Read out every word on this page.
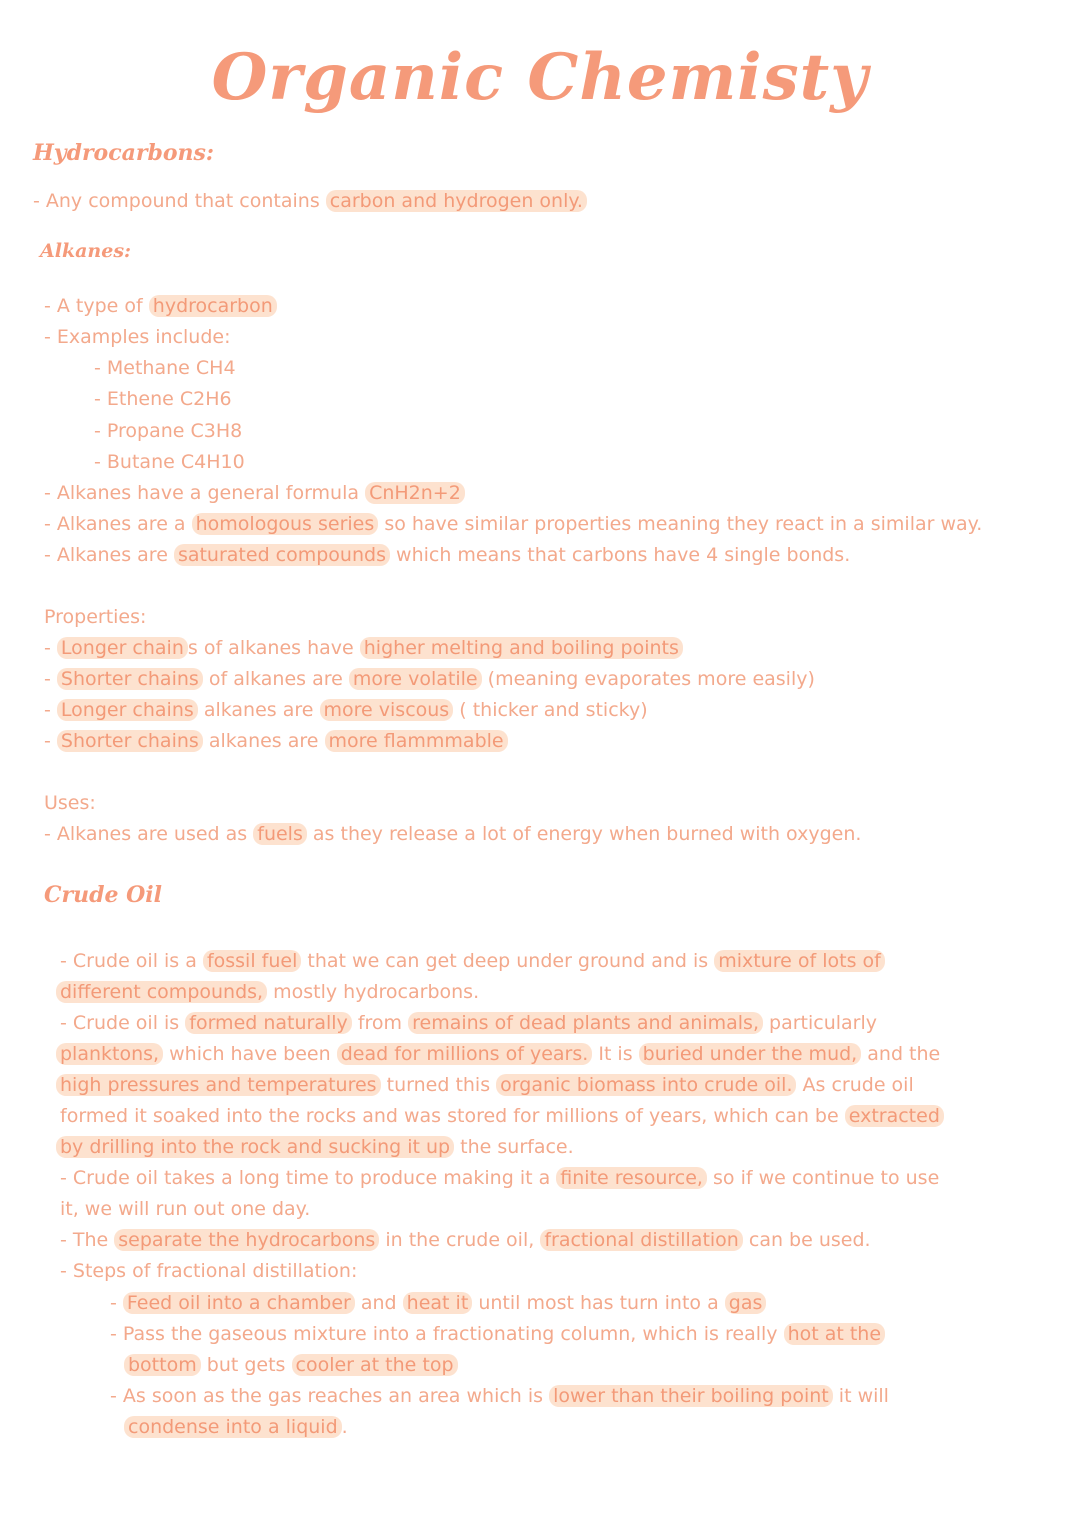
Organic Chemisty
Hydrocarbons:
- Any compound that contains carbon and hydrogen only.
Alkanes:
- A type of hydrocarbon
- Examples include:
- Methane CH4
- Ethene C2H6
- Propane C3H8
- Butane C4H10
- Alkanes have a general formula CnH2n+2
- Alkanes are a homologous series so have similar properties meaning they react in a similar way.
- Alkanes are saturated compounds which means that carbons have 4 single bonds.
Properties:
- Longer chain s of alkanes have higher melting and boiling points
- Shorter chains of alkanes are more volatile (meaning evaporates more easily)
- Longer chains alkanes are more viscous ( thicker and sticky)
- Shorter chains alkanes are more flammmable
Uses:
- Alkanes are used as fuels as they release a lot of energy when burned with oxygen.
Crude Oil
- Crude oil is a fossil fuel that we can get deep under ground and is mixture of lots of
different compounds, mostly hydrocarbons.
- Crude oil is formed naturally from remains of dead plants and animals, particularly
planktons, which have been dead for millions of years. It is buried under the mud, and the
high pressures and temperatures turned this organic biomass into crude oil. As crude oil
formed it soaked into the rocks and was stored for millions of years, which can be extracted
by drilling into the rock and sucking it up the surface.
- Crude oil takes a long time to produce making it a finite resource, so if we continue to use
it, we will run out one day.
- The separate the hydrocarbons in the crude oil, fractional distillation can be used.
- Steps of fractional distillation:
- Feed oil into a chamber and heat it until most has turn into a gas
- Pass the gaseous mixture into a fractionating column, which is really hot at the
bottom but gets cooler at the top
- As soon as the gas reaches an area which is lower than their boiling point it will
condense into a liquid .
